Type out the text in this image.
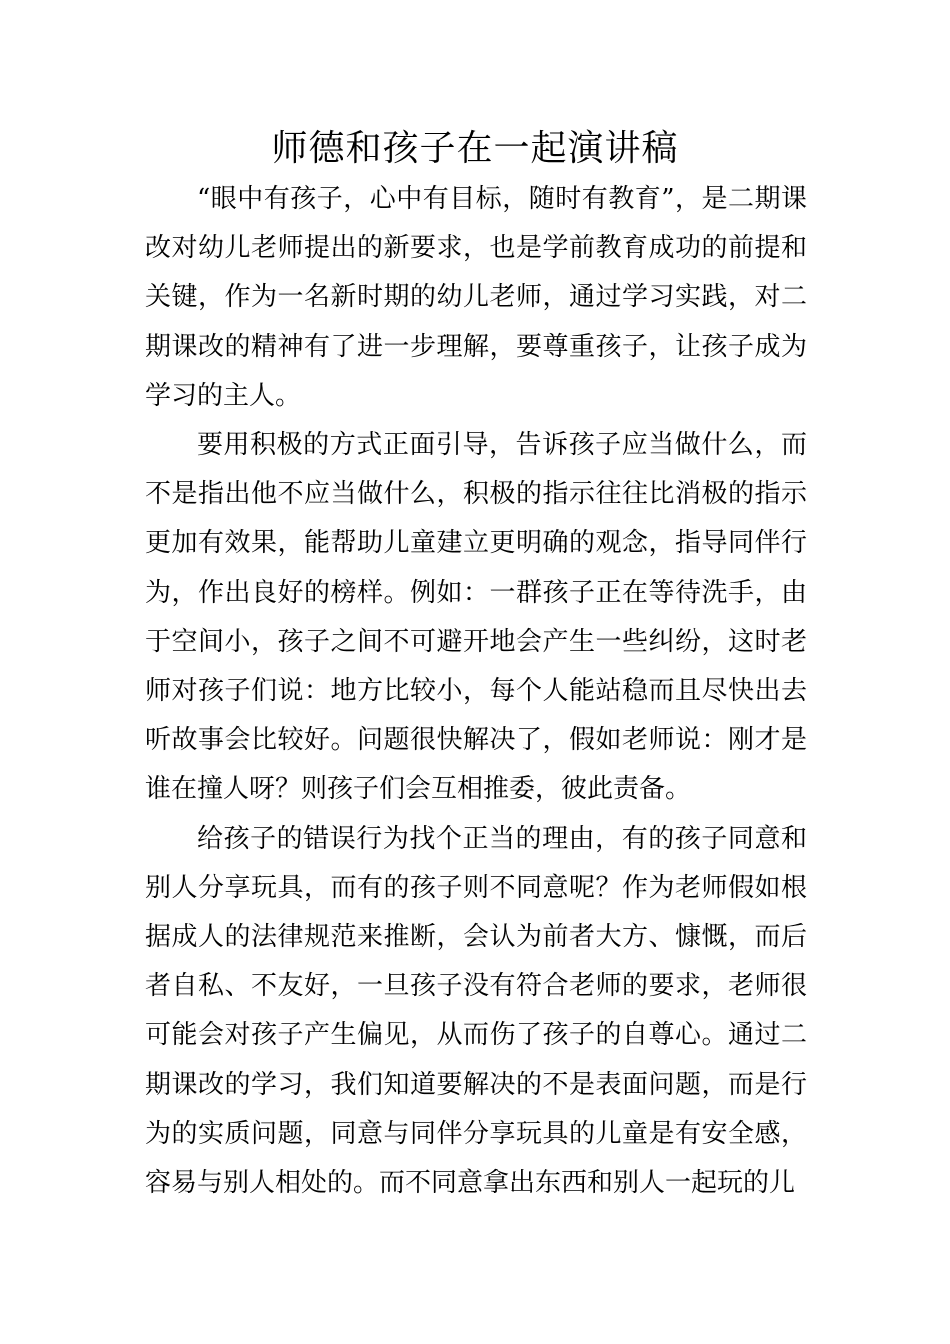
师德和孩子在一起演讲稿

“眼中有孩子，心中有目标，随时有教育”，是二期课改对幼儿老师提出的新要求，也是学前教育成功的前提和关键，作为一名新时期的幼儿老师，通过学习实践，对二期课改的精神有了进一步理解，要尊重孩子，让孩子成为学习的主人。

要用积极的方式正面引导，告诉孩子应当做什么，而不是指出他不应当做什么，积极的指示往往比消极的指示更加有效果，能帮助儿童建立更明确的观念，指导同伴行为，作出良好的榜样。例如：一群孩子正在等待洗手，由于空间小，孩子之间不可避开地会产生一些纠纷，这时老师对孩子们说：地方比较小，每个人能站稳而且尽快出去听故事会比较好。问题很快解决了，假如老师说：刚才是谁在撞人呀？则孩子们会互相推委，彼此责备。

给孩子的错误行为找个正当的理由，有的孩子同意和别人分享玩具，而有的孩子则不同意呢？作为老师假如根据成人的法律规范来推断，会认为前者大方、慷慨，而后者自私、不友好，一旦孩子没有符合老师的要求，老师很可能会对孩子产生偏见，从而伤了孩子的自尊心。通过二期课改的学习，我们知道要解决的不是表面问题，而是行为的实质问题，同意与同伴分享玩具的儿童是有安全感，容易与别人相处的。而不同意拿出东西和别人一起玩的儿
